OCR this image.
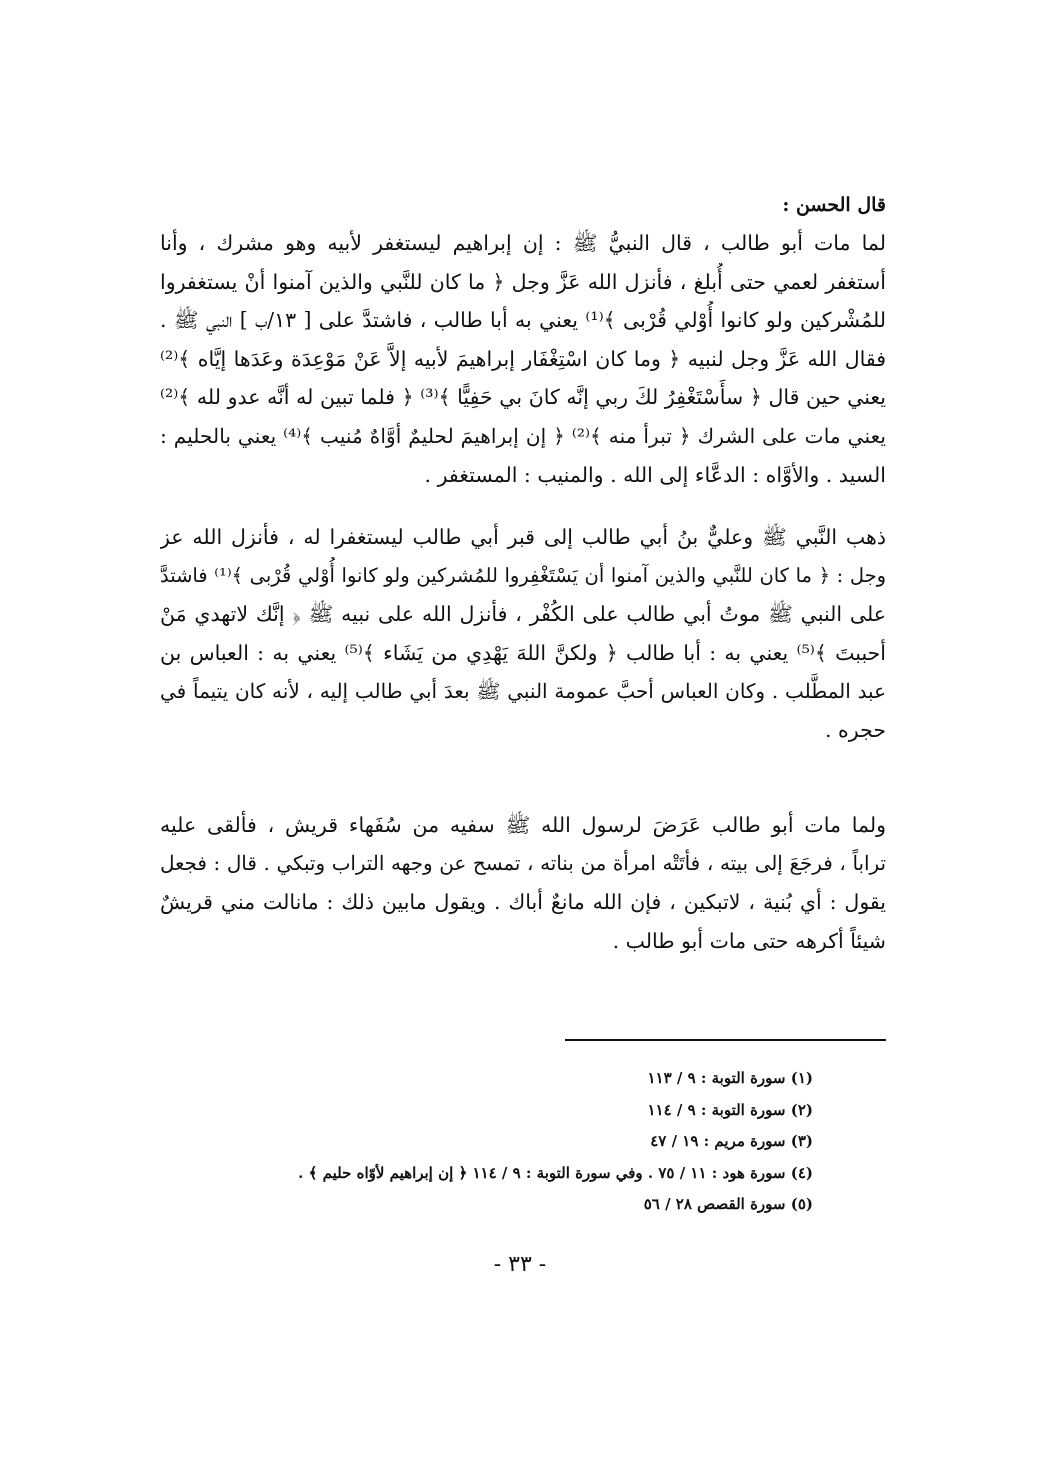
قال الحسن :

لما مات أبو طالب ، قال النبيُّ ﷺ : إن إبراهيم ليستغفر لأبيه وهو مشرك ، وأنا
أستغفر لعمي حتى أُبلغ ، فأنزل الله عَزَّ وجل ﴿ ما كان للنَّبي والذين آمنوا أنْ يستغفروا
للمُشْركين ولو كانوا أُوْلي قُرْبى ﴾⁽¹⁾ يعني به أبا طالب ، فاشتدَّ على [ ١٣/ب ] النبي ﷺ .
فقال الله عَزَّ وجل لنبيه ﴿ وما كان اسْتِغْفَار إبراهيمَ لأبيه إلاَّ عَنْ مَوْعِدَة وعَدَها إيَّاه ﴾⁽²⁾
يعني حين قال ﴿ سأَسْتَغْفِرُ لكَ ربي إنَّه كانَ بي حَفِيًّا ﴾⁽³⁾ ﴿ فلما تبين له أنَّه عدو لله ﴾⁽²⁾
يعني مات على الشرك ﴿ تبرأ منه ﴾⁽²⁾ ﴿ إن إبراهيمَ لحليمٌ أوَّاهٌ مُنيب ﴾⁽⁴⁾ يعني بالحليم :
السيد . والأوَّاه : الدعَّاء إلى الله . والمنيب : المستغفر .

ذهب النَّبي ﷺ وعليٌّ بنُ أبي طالب إلى قبر أبي طالب ليستغفرا له ، فأنزل الله عز
وجل : ﴿ ما كان للنَّبي والذين آمنوا أن يَسْتَغْفِروا للمُشركين ولو كانوا أُوْلي قُرْبى ﴾⁽¹⁾ فاشتدَّ
على النبي ﷺ موتُ أبي طالب على الكُفْر ، فأنزل الله على نبيه ﷺ ﴿ إنَّك لاتهدي مَنْ
أحببتَ ﴾⁽⁵⁾ يعني به : أبا طالب ﴿ ولكنَّ اللهَ يَهْدِي من يَشَاء ﴾⁽⁵⁾ يعني به : العباس بن
عبد المطَّلب . وكان العباس أحبَّ عمومة النبي ﷺ بعدَ أبي طالب إليه ، لأنه كان يتيماً في
حجره .

ولما مات أبو طالب عَرَضَ لرسول الله ﷺ سفيه من سُفَهاء قريش ، فألقى عليه
تراباً ، فرجَعَ إلى بيته ، فأتَتْه امرأة من بناته ، تمسح عن وجهه التراب وتبكي . قال : فجعل
يقول : أي بُنية ، لاتبكين ، فإن الله مانعٌ أباك . ويقول مابين ذلك : مانالت مني قريشٌ
شيئاً أكرهه حتى مات أبو طالب .

(١) سورة التوبة : ٩ / ١١٣
(٢) سورة التوبة : ٩ / ١١٤
(٣) سورة مريم : ١٩ / ٤٧
(٤) سورة هود : ١١ / ٧٥ . وفي سورة التوبة : ٩ / ١١٤ ﴿ إن إبراهيم لأوّاه حليم ﴾ .
(٥) سورة القصص ٢٨ / ٥٦
- ٣٣ -
